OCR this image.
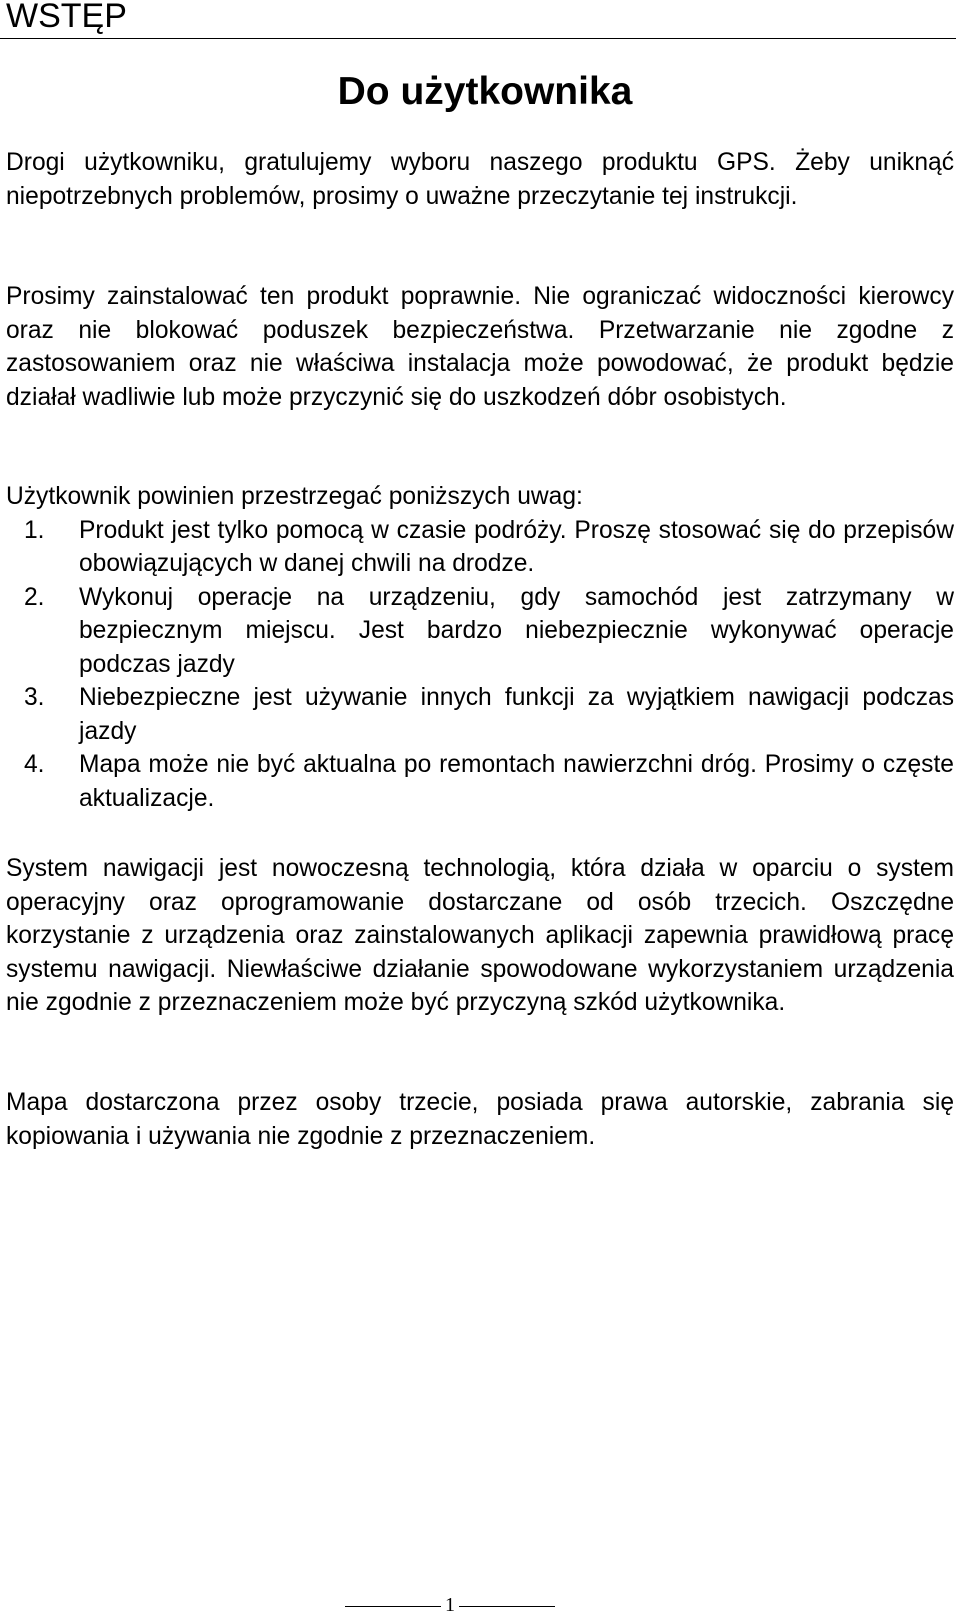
WSTĘP
Do użytkownika

Drogi użytkowniku, gratulujemy wyboru naszego produktu GPS. Żeby uniknąć niepotrzebnych problemów, prosimy o uważne przeczytanie tej instrukcji.

Prosimy zainstalować ten produkt poprawnie. Nie ograniczać widoczności kierowcy oraz nie blokować poduszek bezpieczeństwa. Przetwarzanie nie zgodne z zastosowaniem oraz nie właściwa instalacja może powodować, że produkt będzie działał wadliwie lub może przyczynić się do uszkodzeń dóbr osobistych.

Użytkownik powinien przestrzegać poniższych uwag:
1. Produkt jest tylko pomocą w czasie podróży. Proszę stosować się do przepisów obowiązujących w danej chwili na drodze.
2. Wykonuj operacje na urządzeniu, gdy samochód jest zatrzymany w bezpiecznym miejscu. Jest bardzo niebezpiecznie wykonywać operacje podczas jazdy
3. Niebezpieczne jest używanie innych funkcji za wyjątkiem nawigacji podczas jazdy
4. Mapa może nie być aktualna po remontach nawierzchni dróg. Prosimy o częste aktualizacje.

System nawigacji jest nowoczesną technologią, która działa w oparciu o system operacyjny oraz oprogramowanie dostarczane od osób trzecich. Oszczędne korzystanie z urządzenia oraz zainstalowanych aplikacji zapewnia prawidłową pracę systemu nawigacji. Niewłaściwe działanie spowodowane wykorzystaniem urządzenia nie zgodnie z przeznaczeniem może być przyczyną szkód użytkownika.

Mapa dostarczona przez osoby trzecie, posiada prawa autorskie, zabrania się kopiowania i używania nie zgodnie z przeznaczeniem.

1
